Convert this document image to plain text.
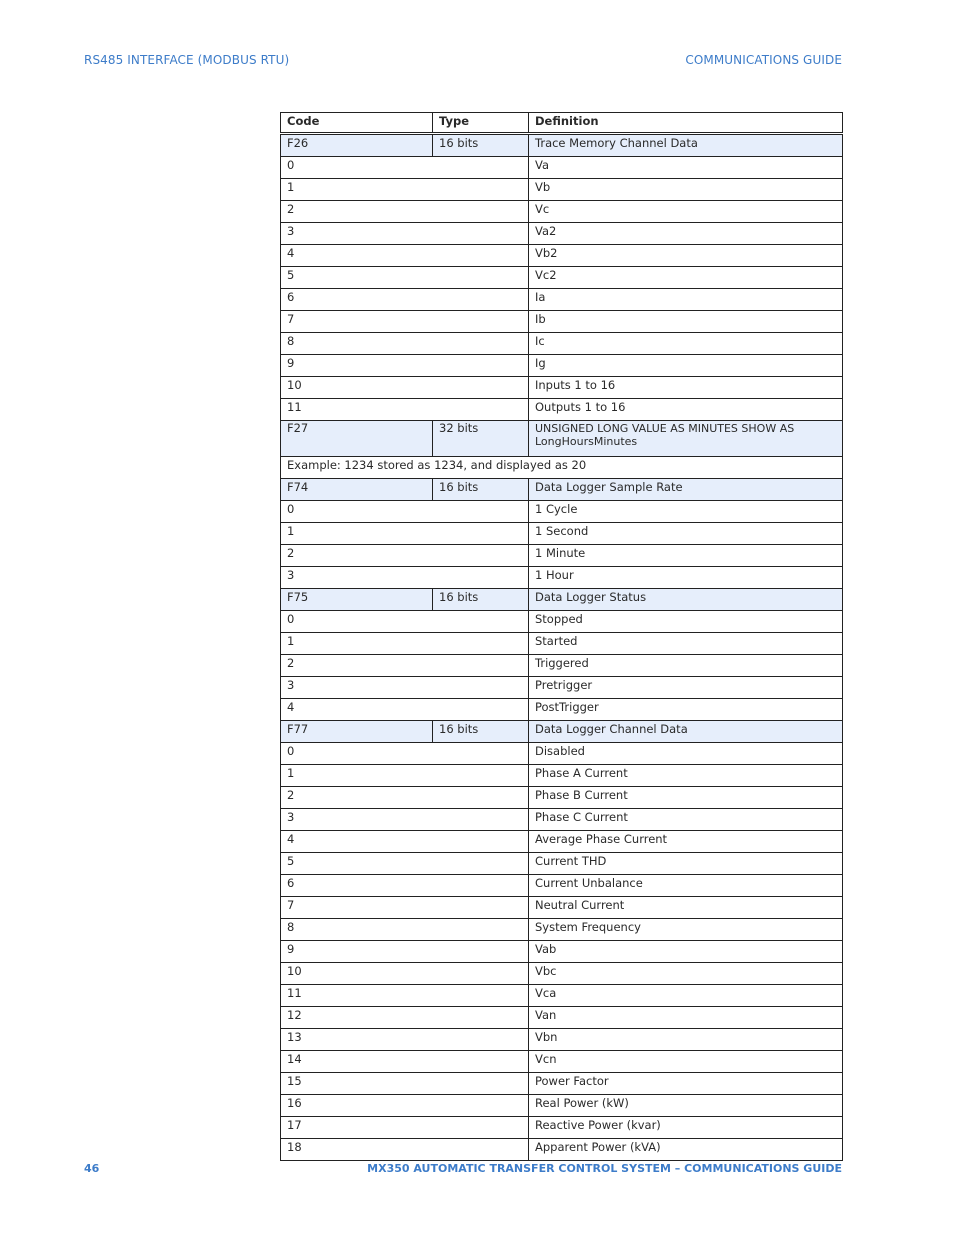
RS485 INTERFACE (MODBUS RTU)	COMMUNICATIONS GUIDE
Code	Type	Definition
F26	16 bits	Trace Memory Channel Data
0		Va
1		Vb
2		Vc
3		Va2
4		Vb2
5		Vc2
6		Ia
7		Ib
8		Ic
9		Ig
10		Inputs 1 to 16
11		Outputs 1 to 16
F27	32 bits	UNSIGNED LONG VALUE AS MINUTES SHOW AS LongHoursMinutes
Example: 1234 stored as 1234, and displayed as 20		
F74	16 bits	Data Logger Sample Rate
0		1 Cycle
1		1 Second
2		1 Minute
3		1 Hour
F75	16 bits	Data Logger Status
0		Stopped
1		Started
2		Triggered
3		Pretrigger
4		PostTrigger
F77	16 bits	Data Logger Channel Data
0		Disabled
1		Phase A Current
2		Phase B Current
3		Phase C Current
4		Average Phase Current
5		Current THD
6		Current Unbalance
7		Neutral Current
8		System Frequency
9		Vab
10		Vbc
11		Vca
12		Van
13		Vbn
14		Vcn
15		Power Factor
16		Real Power (kW)
17		Reactive Power (kvar)
18		Apparent Power (kVA)
46	MX350 AUTOMATIC TRANSFER CONTROL SYSTEM – COMMUNICATIONS GUIDE
